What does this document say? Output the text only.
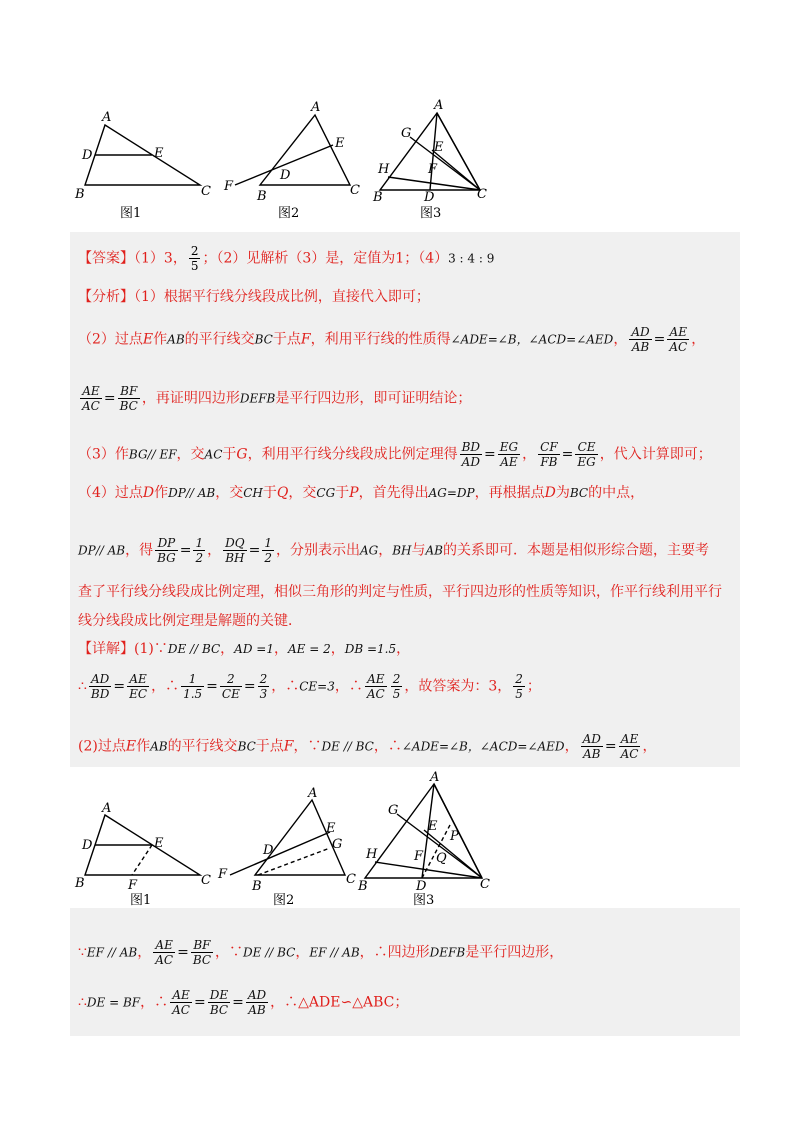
A
D	E
B	C
A
E
D
F
B	C
A
G
E
H	F
B	D	C
图1	图2	图3
【答案】（1）3， $\frac{2}{5}$ ；（2）见解析（3）是，定值为1；（4）3 : 4 : 9
【分析】（1）根据平行线分线段成比例，直接代入即可；
（2）过点E作AB的平行线交BC于点F，利用平行线的性质得∠ADE=∠B，∠ACD=∠AED， $\frac{AD}{AB} = \frac{AE}{AC}$ ，
$\frac{AE}{AC} = \frac{BF}{BC}$ ，再证明四边形DEFB是平行四边形，即可证明结论；
（3）作BG// EF，交AC于G，利用平行线分线段成比例定理得 $\frac{BD}{AD} = \frac{EG}{AE}$ ， $\frac{CF}{FB} = \frac{CE}{EG}$ ，代入计算即可；
（4）过点D作DP// AB，交CH于Q，交CG于P，首先得出AG=DP，再根据点D为BC的中点，
DP// AB，得 $\frac{DP}{BG} = \frac{1}{2}$ ， $\frac{DQ}{BH} = \frac{1}{2}$ ，分别表示出AG，BH与AB的关系即可．本题是相似形综合题，主要考
查了平行线分线段成比例定理，相似三角形的判定与性质，平行四边形的性质等知识，作平行线利用平行
线分线段成比例定理是解题的关键．
【详解】(1)∵DE // BC，AD =1，AE = 2，DB =1.5，
∴ $\frac{AD}{BD} = \frac{AE}{EC}$ ，∴ $\frac{1}{1.5} = \frac{2}{CE} = \frac{2}{3}$ ，∴CE=3，∴ $\frac{AE}{AC} \frac{2}{5}$ ，故答案为：3， $\frac{2}{5}$ ；
(2)过点E作AB的平行线交BC于点F，∵DE // BC，∴∠ADE=∠B，∠ACD=∠AED， $\frac{AD}{AB} = \frac{AE}{AC}$ ，
A
D	E
B	F	C
A
E
G
D
F
B	C
A
G
E
P
H	F Q
B	D	C
图1	图2	图3
∵EF // AB， $\frac{AE}{AC} = \frac{BF}{BC}$ ，∵DE // BC，EF // AB，∴四边形DEFB是平行四边形，
∴DE = BF，∴ $\frac{AE}{AC} = \frac{DE}{BC} = \frac{AD}{AB}$ ，∴△ADE∽△ABC；
